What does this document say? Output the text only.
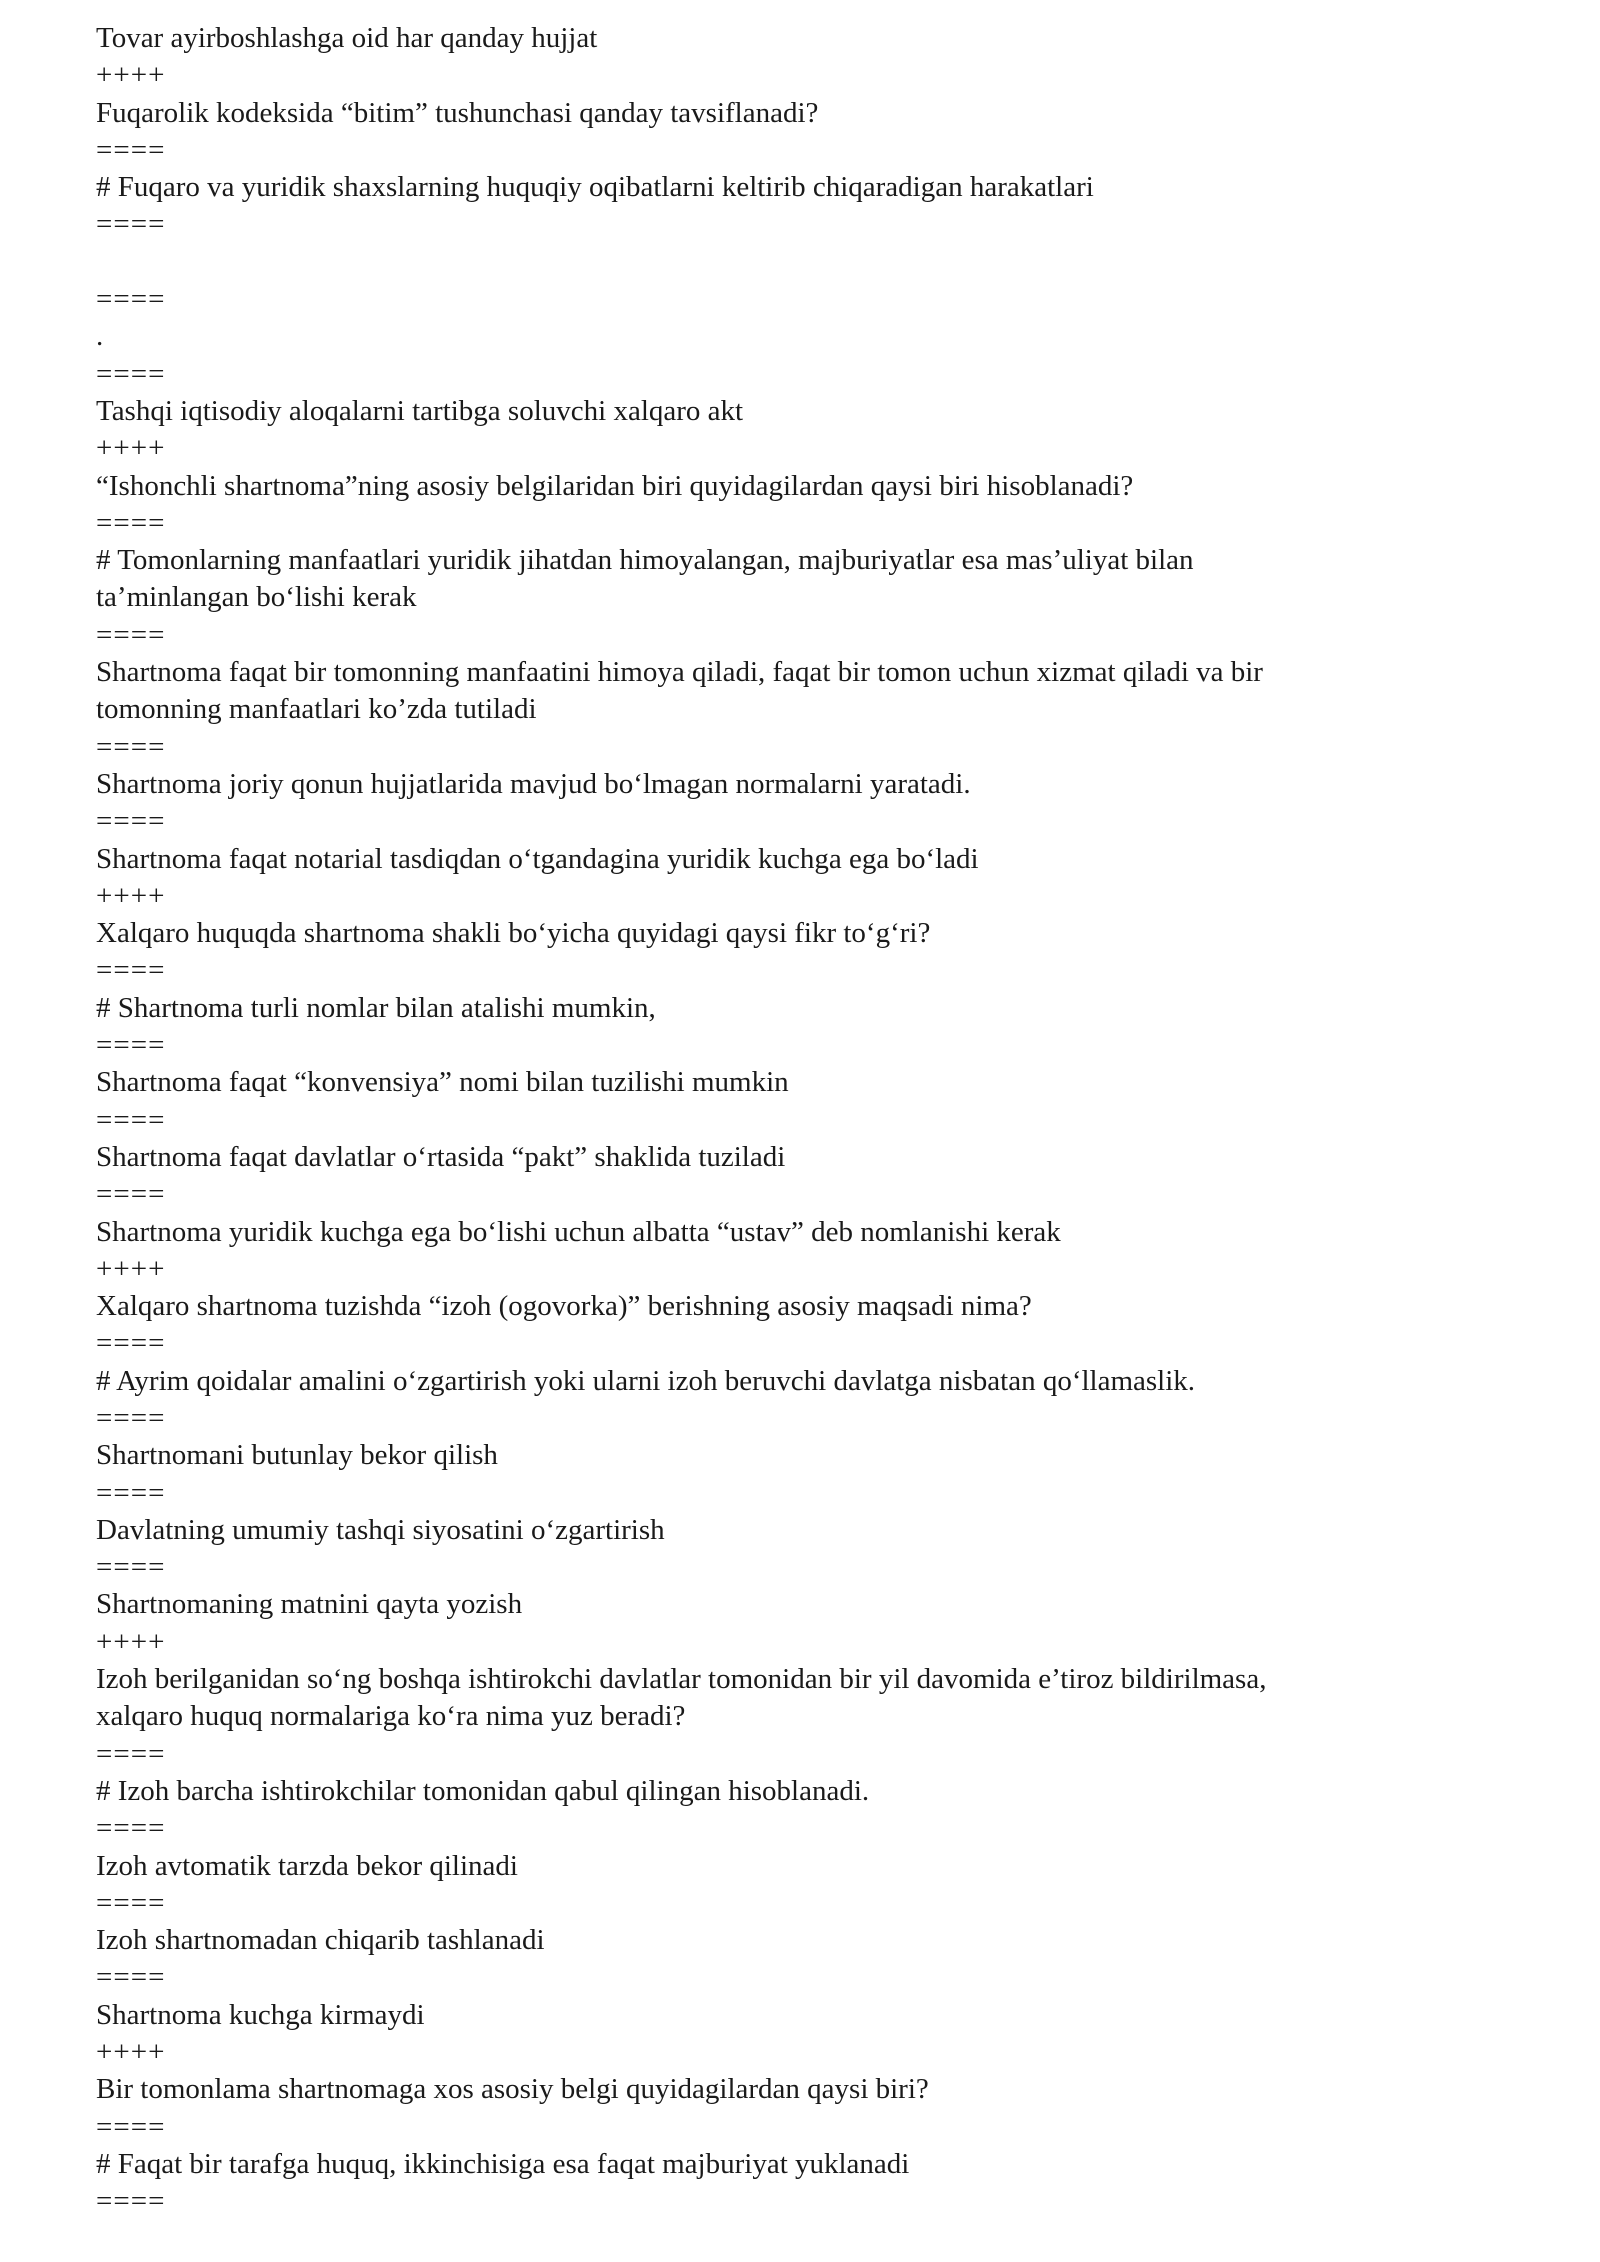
Tovar ayirboshlashga oid har qanday hujjat
++++
Fuqarolik kodeksida “bitim” tushunchasi qanday tavsiflanadi?
====
# Fuqaro va yuridik shaxslarning huquqiy oqibatlarni keltirib chiqaradigan harakatlari
====
====
.
====
Tashqi iqtisodiy aloqalarni tartibga soluvchi xalqaro akt
++++
“Ishonchli shartnoma”ning asosiy belgilaridan biri quyidagilardan qaysi biri hisoblanadi?
====
# Tomonlarning manfaatlari yuridik jihatdan himoyalangan, majburiyatlar esa mas’uliyat bilan
ta’minlangan bo‘lishi kerak
====
Shartnoma faqat bir tomonning manfaatini himoya qiladi, faqat bir tomon uchun xizmat qiladi va bir
tomonning manfaatlari ko’zda tutiladi
====
Shartnoma joriy qonun hujjatlarida mavjud bo‘lmagan normalarni yaratadi.
====
Shartnoma faqat notarial tasdiqdan o‘tgandagina yuridik kuchga ega bo‘ladi
++++
Xalqaro huquqda shartnoma shakli bo‘yicha quyidagi qaysi fikr to‘g‘ri?
====
# Shartnoma turli nomlar bilan atalishi mumkin,
====
Shartnoma faqat “konvensiya” nomi bilan tuzilishi mumkin
====
Shartnoma faqat davlatlar o‘rtasida “pakt” shaklida tuziladi
====
Shartnoma yuridik kuchga ega bo‘lishi uchun albatta “ustav” deb nomlanishi kerak
++++
Xalqaro shartnoma tuzishda “izoh (ogovorka)” berishning asosiy maqsadi nima?
====
# Ayrim qoidalar amalini o‘zgartirish yoki ularni izoh beruvchi davlatga nisbatan qo‘llamaslik.
====
Shartnomani butunlay bekor qilish
====
Davlatning umumiy tashqi siyosatini o‘zgartirish
====
Shartnomaning matnini qayta yozish
++++
Izoh berilganidan so‘ng boshqa ishtirokchi davlatlar tomonidan bir yil davomida e’tiroz bildirilmasa,
xalqaro huquq normalariga ko‘ra nima yuz beradi?
====
# Izoh barcha ishtirokchilar tomonidan qabul qilingan hisoblanadi.
====
Izoh avtomatik tarzda bekor qilinadi
====
Izoh shartnomadan chiqarib tashlanadi
====
Shartnoma kuchga kirmaydi
++++
Bir tomonlama shartnomaga xos asosiy belgi quyidagilardan qaysi biri?
====
# Faqat bir tarafga huquq, ikkinchisiga esa faqat majburiyat yuklanadi
====
